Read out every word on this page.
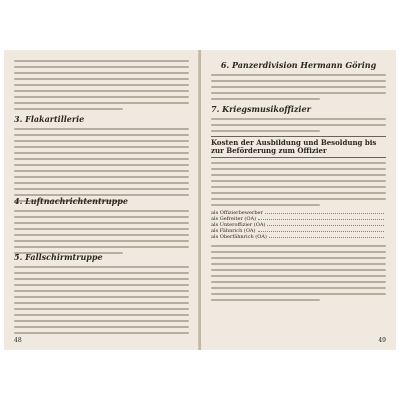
3. Flakartillerie
4. Luftnachrichtentruppe
5. Fallschirmtruppe
48
6. Panzerdivision Hermann Göring
7. Kriegsmusikoffizier
Kosten der Ausbildung und Besoldung bis zur Beförderung zum Offizier
als Offizierbewerber
als Gefreiter (OA)
als Unteroffizier (OA)
als Fähnrich (OA)
als Oberfähnrich (OA)
49
